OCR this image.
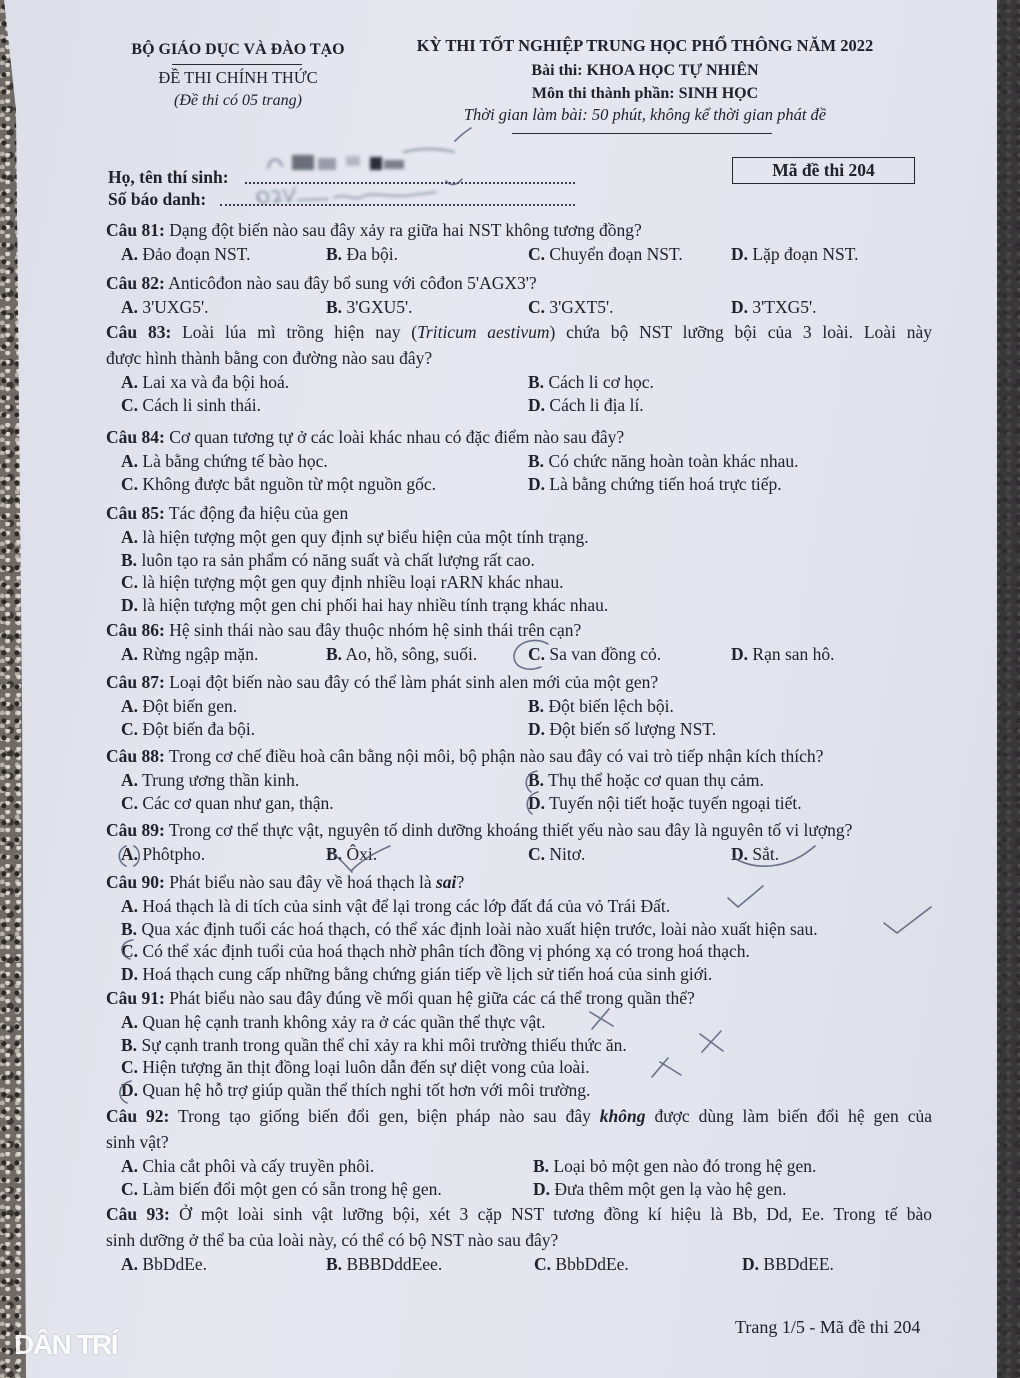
BỘ GIÁO DỤC VÀ ĐÀO TẠO
ĐỀ THI CHÍNH THỨC
(Đề thi có 05 trang)
KỲ THI TỐT NGHIỆP TRUNG HỌC PHỔ THÔNG NĂM 2022
Bài thi: KHOA HỌC TỰ NHIÊN
Môn thi thành phần: SINH HỌC
Thời gian làm bài: 50 phút, không kể thời gian phát đề
Họ, tên thí sinh:
Số báo danh:
Mã đề thi 204
Câu 81: Dạng đột biến nào sau đây xảy ra giữa hai NST không tương đồng?
A. Đảo đoạn NST.	B. Đa bội.	C. Chuyển đoạn NST.	D. Lặp đoạn NST.
Câu 82: Anticôđon nào sau đây bổ sung với côđon 5'AGX3'?
A. 3'UXG5'.	B. 3'GXU5'.	C. 3'GXT5'.	D. 3'TXG5'.
Câu 83: Loài lúa mì trồng hiện nay (Triticum aestivum) chứa bộ NST lưỡng bội của 3 loài. Loài này
được hình thành bằng con đường nào sau đây?
A. Lai xa và đa bội hoá.	B. Cách li cơ học.
C. Cách li sinh thái.	D. Cách li địa lí.
Câu 84: Cơ quan tương tự ở các loài khác nhau có đặc điểm nào sau đây?
A. Là bằng chứng tế bào học.	B. Có chức năng hoàn toàn khác nhau.
C. Không được bắt nguồn từ một nguồn gốc.	D. Là bằng chứng tiến hoá trực tiếp.
Câu 85: Tác động đa hiệu của gen
A. là hiện tượng một gen quy định sự biểu hiện của một tính trạng.
B. luôn tạo ra sản phẩm có năng suất và chất lượng rất cao.
C. là hiện tượng một gen quy định nhiều loại rARN khác nhau.
D. là hiện tượng một gen chi phối hai hay nhiều tính trạng khác nhau.
Câu 86: Hệ sinh thái nào sau đây thuộc nhóm hệ sinh thái trên cạn?
A. Rừng ngập mặn.	B. Ao, hồ, sông, suối.	C. Sa van đồng cỏ.	D. Rạn san hô.
Câu 87: Loại đột biến nào sau đây có thể làm phát sinh alen mới của một gen?
A. Đột biến gen.	B. Đột biến lệch bội.
C. Đột biến đa bội.	D. Đột biến số lượng NST.
Câu 88: Trong cơ chế điều hoà cân bằng nội môi, bộ phận nào sau đây có vai trò tiếp nhận kích thích?
A. Trung ương thần kinh.	B. Thụ thể hoặc cơ quan thụ cảm.
C. Các cơ quan như gan, thận.	D. Tuyến nội tiết hoặc tuyến ngoại tiết.
Câu 89: Trong cơ thể thực vật, nguyên tố dinh dưỡng khoáng thiết yếu nào sau đây là nguyên tố vi lượng?
A. Phôtpho.	B. Ôxi.	C. Nitơ.	D. Sắt.
Câu 90: Phát biểu nào sau đây về hoá thạch là sai?
A. Hoá thạch là di tích của sinh vật để lại trong các lớp đất đá của vỏ Trái Đất.
B. Qua xác định tuổi các hoá thạch, có thể xác định loài nào xuất hiện trước, loài nào xuất hiện sau.
C. Có thể xác định tuổi của hoá thạch nhờ phân tích đồng vị phóng xạ có trong hoá thạch.
D. Hoá thạch cung cấp những bằng chứng gián tiếp về lịch sử tiến hoá của sinh giới.
Câu 91: Phát biểu nào sau đây đúng về mối quan hệ giữa các cá thể trong quần thể?
A. Quan hệ cạnh tranh không xảy ra ở các quần thể thực vật.
B. Sự cạnh tranh trong quần thể chỉ xảy ra khi môi trường thiếu thức ăn.
C. Hiện tượng ăn thịt đồng loại luôn dẫn đến sự diệt vong của loài.
D. Quan hệ hỗ trợ giúp quần thể thích nghi tốt hơn với môi trường.
Câu 92: Trong tạo giống biến đổi gen, biện pháp nào sau đây không được dùng làm biến đổi hệ gen của
sinh vật?
A. Chia cắt phôi và cấy truyền phôi.	B. Loại bỏ một gen nào đó trong hệ gen.
C. Làm biến đổi một gen có sẵn trong hệ gen.	D. Đưa thêm một gen lạ vào hệ gen.
Câu 93: Ở một loài sinh vật lưỡng bội, xét 3 cặp NST tương đồng kí hiệu là Bb, Dd, Ee. Trong tế bào
sinh dưỡng ở thể ba của loài này, có thể có bộ NST nào sau đây?
A. BbDdEe.	B. BBBDddEee.	C. BbbDdEe.	D. BBDdEE.
Trang 1/5 - Mã đề thi 204
DÂN TRÍ
